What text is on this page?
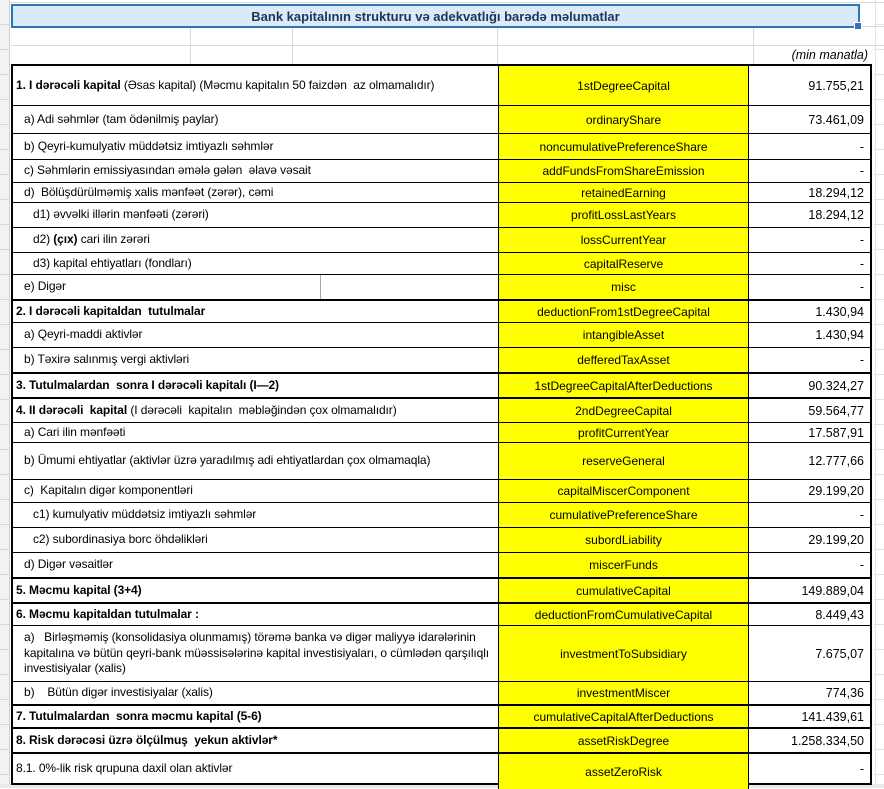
Bank kapitalının strukturu və adekvatlığı barədə məlumatlar
(min manatla)
1. I dərəcəli kapital (Əsas kapital) (Məcmu kapitalın 50 faizdən  az olmamalıdır)	1stDegreeCapital	91.755,21
a) Adi səhmlər (tam ödənilmiş paylar)	ordinaryShare	73.461,09
b) Qeyri-kumulyativ müddətsiz imtiyazlı səhmlər	noncumulativePreferenceShare	-
c) Səhmlərin emissiyasından əmələ gələn  əlavə vəsait	addFundsFromShareEmission	-
d)  Bölüşdürülməmiş xalis mənfəət (zərər), cəmi	retainedEarning	18.294,12
d1) əvvəlki illərin mənfəəti (zərəri)	profitLossLastYears	18.294,12
d2) (çıx) cari ilin zərəri	lossCurrentYear	-
d3) kapital ehtiyatları (fondları)	capitalReserve	-
e) Digər	misc	-
2. I dərəcəli kapitaldan  tutulmalar	deductionFrom1stDegreeCapital	1.430,94
a) Qeyri-maddi aktivlər	intangibleAsset	1.430,94
b) Təxirə salınmış vergi aktivləri	defferedTaxAsset	-
3. Tutulmalardan  sonra I dərəcəli kapitalı (I—2)	1stDegreeCapitalAfterDeductions	90.324,27
4. II dərəcəli  kapital (I dərəcəli  kapitalın  məbləğindən çox olmamalıdır)	2ndDegreeCapital	59.564,77
a) Cari ilin mənfəəti	profitCurrentYear	17.587,91
b) Ümumi ehtiyatlar (aktivlər üzrə yaradılmış adi ehtiyatlardan çox olmamaqla)	reserveGeneral	12.777,66
c)  Kapitalın digər komponentləri	capitalMiscerComponent	29.199,20
c1) kumulyativ müddətsiz imtiyazlı səhmlər	cumulativePreferenceShare	-
c2) subordinasiya borc öhdəlikləri	subordLiability	29.199,20
d) Digər vəsaitlər	miscerFunds	-
5. Məcmu kapital (3+4)	cumulativeCapital	149.889,04
6. Məcmu kapitaldan tutulmalar :	deductionFromCumulativeCapital	8.449,43
a)   Birləşməmiş (konsolidasiya olunmamış) törəmə banka və digər maliyyə idarələrinin kapitalına və bütün qeyri-bank müəssisələrinə kapital investisiyaları, o cümlədən qarşılıqlı investisiyalar (xalis)
investmentToSubsidiary	7.675,07
b)    Bütün digər investisiyalar (xalis)	investmentMiscer	774,36
7. Tutulmalardan  sonra məcmu kapital (5-6)	cumulativeCapitalAfterDeductions	141.439,61
8. Risk dərəcəsi üzrə ölçülmuş  yekun aktivlər*	assetRiskDegree	1.258.334,50
8.1. 0%-lik risk qrupuna daxil olan aktivlər	assetZeroRisk	-
